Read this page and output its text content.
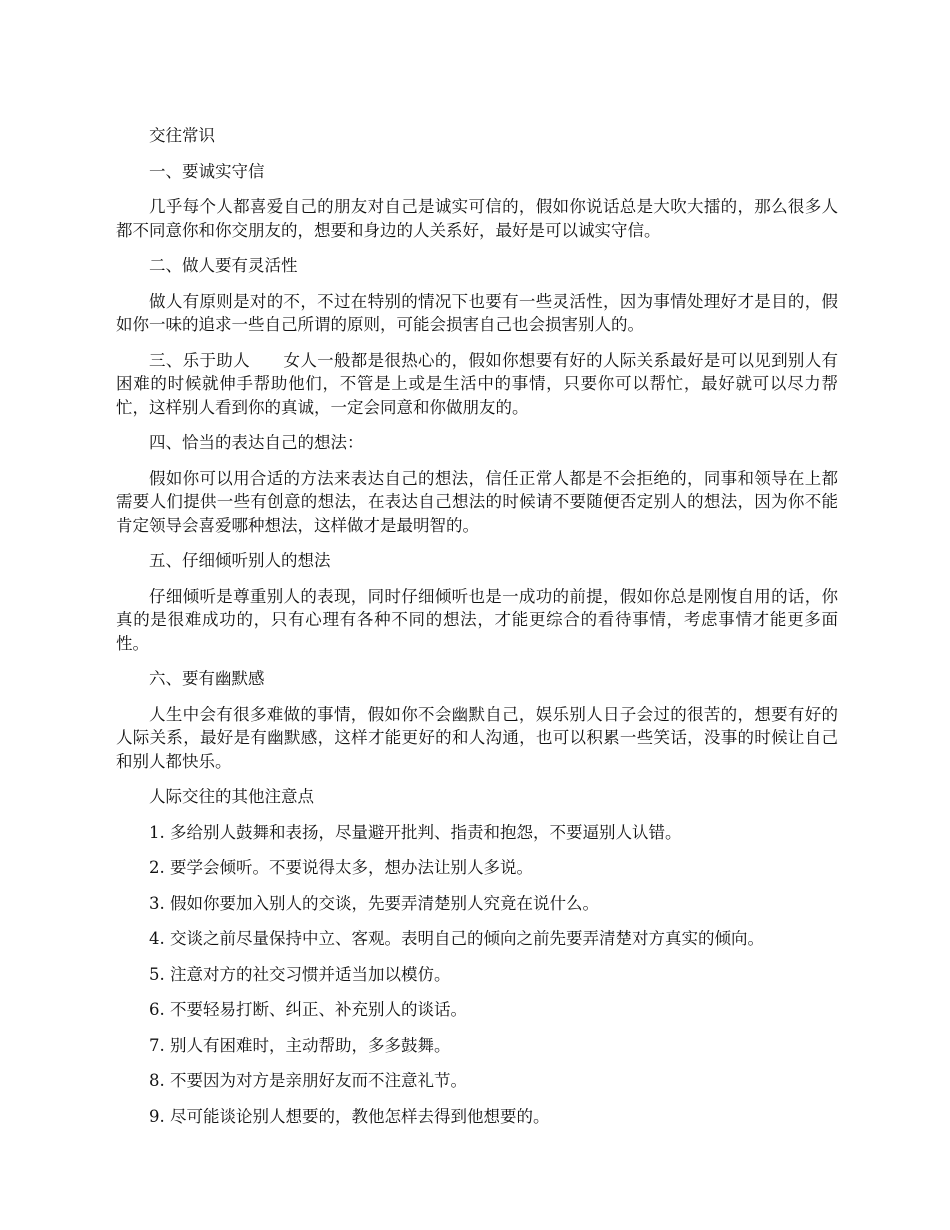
交往常识

一、要诚实守信

几乎每个人都喜爱自己的朋友对自己是诚实可信的，假如你说话总是大吹大擂的，那么很多人都不同意你和你交朋友的，想要和身边的人关系好，最好是可以诚实守信。

二、做人要有灵活性

做人有原则是对的不，不过在特别的情况下也要有一些灵活性，因为事情处理好才是目的，假如你一味的追求一些自己所谓的原则，可能会损害自己也会损害别人的。

三、乐于助人　　女人一般都是很热心的，假如你想要有好的人际关系最好是可以见到别人有困难的时候就伸手帮助他们，不管是上或是生活中的事情，只要你可以帮忙，最好就可以尽力帮忙，这样别人看到你的真诚，一定会同意和你做朋友的。

四、恰当的表达自己的想法：

假如你可以用合适的方法来表达自己的想法，信任正常人都是不会拒绝的，同事和领导在上都需要人们提供一些有创意的想法，在表达自己想法的时候请不要随便否定别人的想法，因为你不能肯定领导会喜爱哪种想法，这样做才是最明智的。

五、仔细倾听别人的想法

仔细倾听是尊重别人的表现，同时仔细倾听也是一成功的前提，假如你总是刚愎自用的话，你真的是很难成功的，只有心理有各种不同的想法，才能更综合的看待事情，考虑事情才能更多面性。

六、要有幽默感

人生中会有很多难做的事情，假如你不会幽默自己，娱乐别人日子会过的很苦的，想要有好的人际关系，最好是有幽默感，这样才能更好的和人沟通，也可以积累一些笑话，没事的时候让自己和别人都快乐。

人际交往的其他注意点

1. 多给别人鼓舞和表扬，尽量避开批判、指责和抱怨，不要逼别人认错。

2. 要学会倾听。不要说得太多，想办法让别人多说。

3. 假如你要加入别人的交谈，先要弄清楚别人究竟在说什么。

4. 交谈之前尽量保持中立、客观。表明自己的倾向之前先要弄清楚对方真实的倾向。

5. 注意对方的社交习惯并适当加以模仿。

6. 不要轻易打断、纠正、补充别人的谈话。

7. 别人有困难时，主动帮助，多多鼓舞。

8. 不要因为对方是亲朋好友而不注意礼节。

9. 尽可能谈论别人想要的，教他怎样去得到他想要的。
